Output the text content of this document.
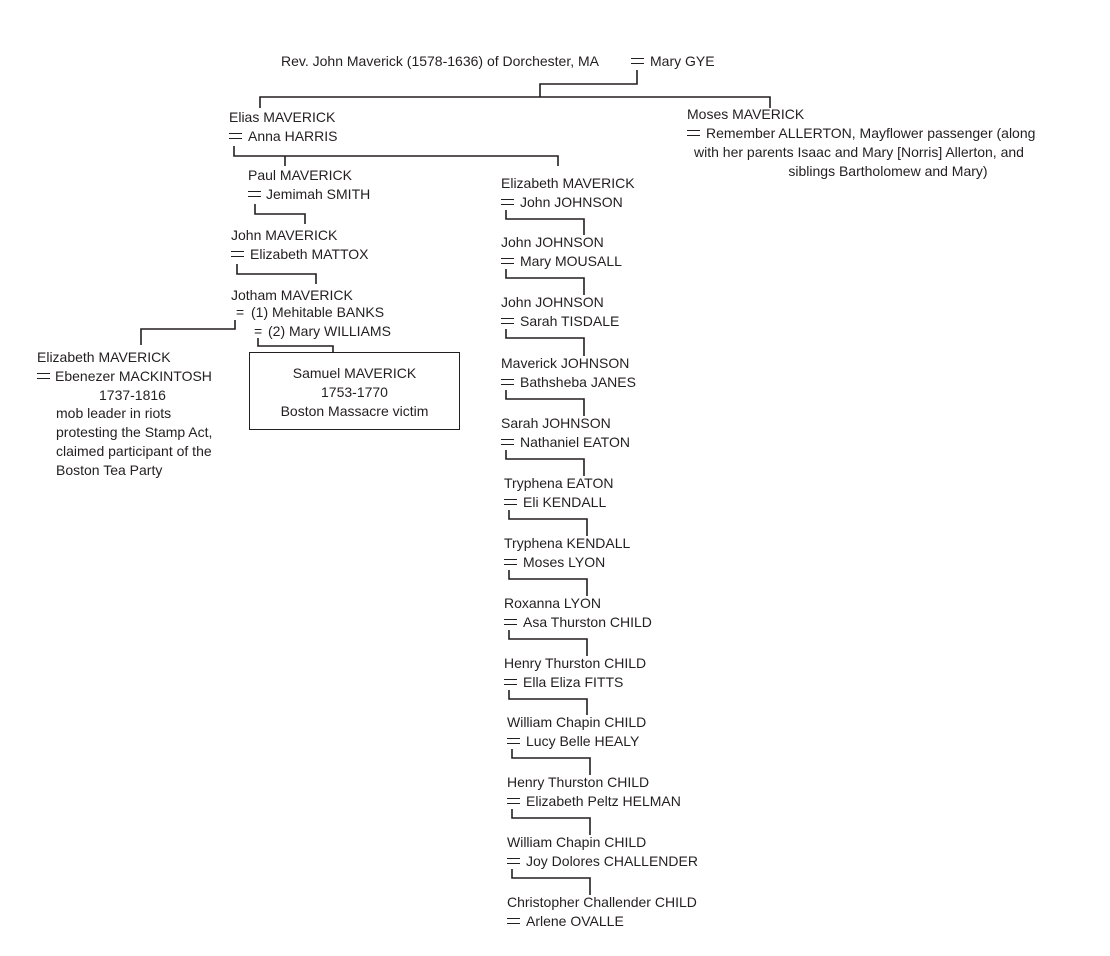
Rev. John Maverick (1578-1636) of Dorchester, MA	Mary GYE
Elias MAVERICK
Anna HARRIS
Moses MAVERICK
Remember ALLERTON, Mayflower passenger (along
with her parents Isaac and Mary [Norris] Allerton, and
siblings Bartholomew and Mary)
Paul MAVERICK
Jemimah SMITH
John MAVERICK
Elizabeth MATTOX
Jotham MAVERICK
= (1) Mehitable BANKS
= (2) Mary WILLIAMS
Elizabeth MAVERICK
Ebenezer MACKINTOSH
1737-1816
mob leader in riots
protesting the Stamp Act,
claimed participant of the
Boston Tea Party
Samuel MAVERICK
1753-1770
Boston Massacre victim
Elizabeth MAVERICK
John JOHNSON
John JOHNSON
Mary MOUSALL
John JOHNSON
Sarah TISDALE
Maverick JOHNSON
Bathsheba JANES
Sarah JOHNSON
Nathaniel EATON
Tryphena EATON
Eli KENDALL
Tryphena KENDALL
Moses LYON
Roxanna LYON
Asa Thurston CHILD
Henry Thurston CHILD
Ella Eliza FITTS
William Chapin CHILD
Lucy Belle HEALY
Henry Thurston CHILD
Elizabeth Peltz HELMAN
William Chapin CHILD
Joy Dolores CHALLENDER
Christopher Challender CHILD
Arlene OVALLE
